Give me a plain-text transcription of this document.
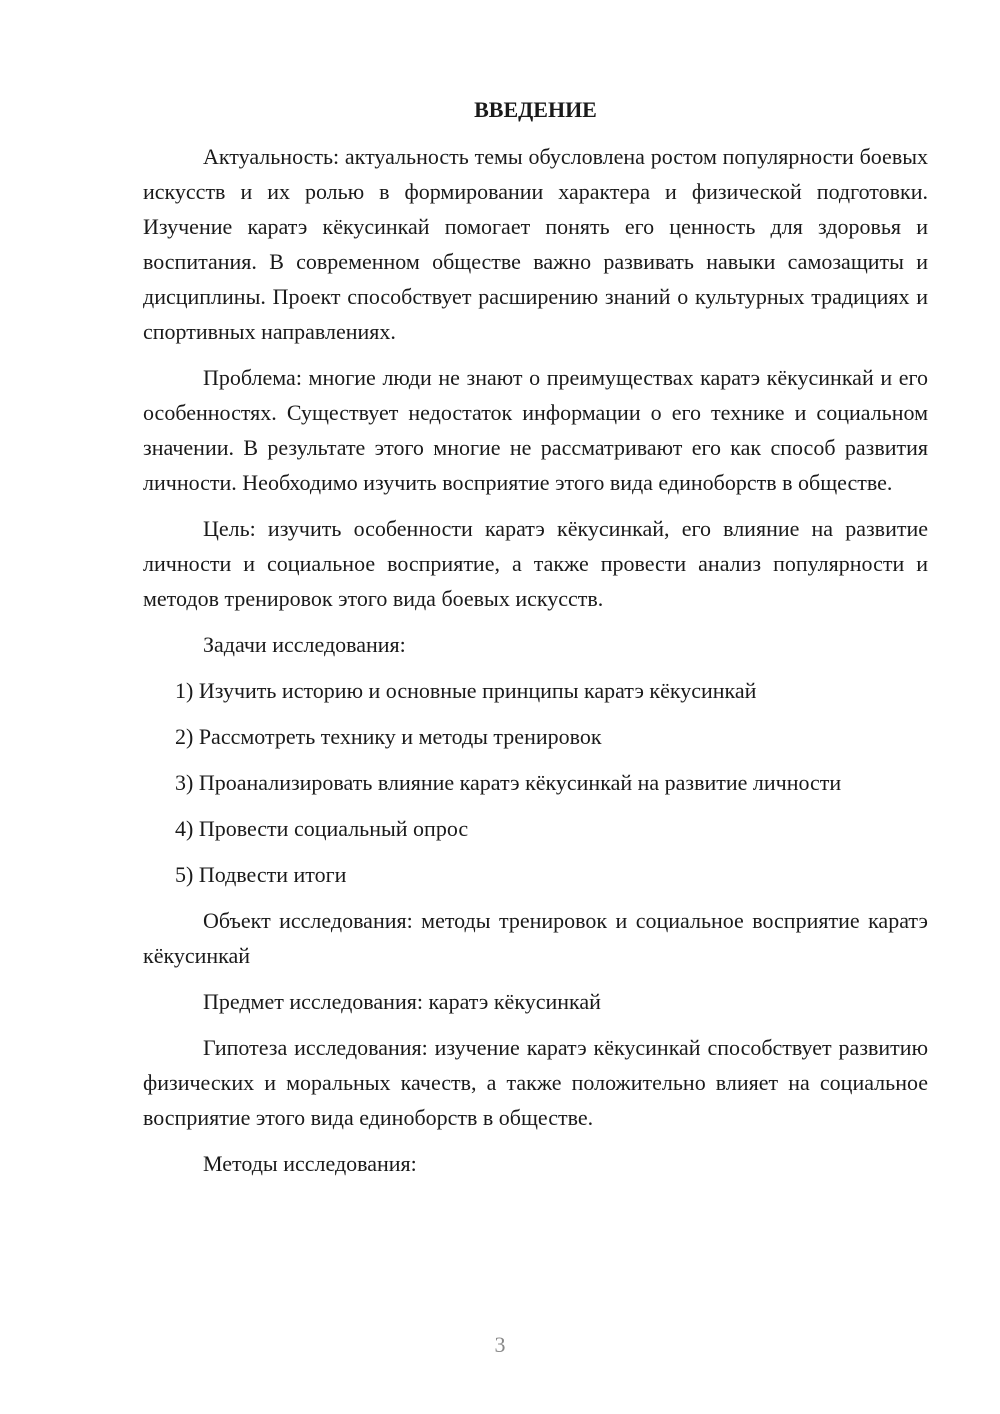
ВВЕДЕНИЕ

Актуальность: актуальность темы обусловлена ростом популярности боевых искусств и их ролью в формировании характера и физической подготовки. Изучение каратэ кёкусинкай помогает понять его ценность для здоровья и воспитания. В современном обществе важно развивать навыки самозащиты и дисциплины. Проект способствует расширению знаний о культурных традициях и спортивных направлениях.

Проблема: многие люди не знают о преимуществах каратэ кёкусинкай и его особенностях. Существует недостаток информации о его технике и социальном значении. В результате этого многие не рассматривают его как способ развития личности. Необходимо изучить восприятие этого вида единоборств в обществе.

Цель: изучить особенности каратэ кёкусинкай, его влияние на развитие личности и социальное восприятие, а также провести анализ популярности и методов тренировок этого вида боевых искусств.

Задачи исследования:

1) Изучить историю и основные принципы каратэ кёкусинкай

2) Рассмотреть технику и методы тренировок

3) Проанализировать влияние каратэ кёкусинкай на развитие личности

4) Провести социальный опрос

5) Подвести итоги

Объект исследования: методы тренировок и социальное восприятие каратэ кёкусинкай

Предмет исследования: каратэ кёкусинкай

Гипотеза исследования: изучение каратэ кёкусинкай способствует развитию физических и моральных качеств, а также положительно влияет на социальное восприятие этого вида единоборств в обществе.

Методы исследования:

3
